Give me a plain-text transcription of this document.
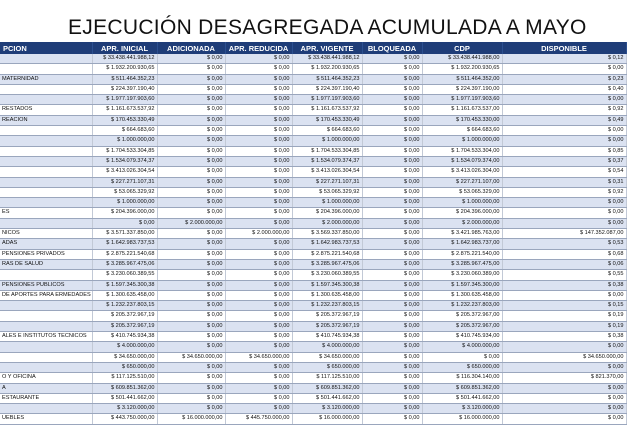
EJECUCIÓN DESAGREGADA ACUMULADA A MAYO
PCION	APR. INICIAL	ADICIONADA	APR. REDUCIDA	APR. VIGENTE	BLOQUEADA	CDP	DISPONIBLE
	$ 33.438.441.988,12	$ 0,00	$ 0,00	$ 33.438.441.988,12	$ 0,00	$ 33.438.441.988,00	$ 0,12
	$ 1.932.200.930,65	$ 0,00	$ 0,00	$ 1.932.200.930,65	$ 0,00	$ 1.932.200.930,65	$ 0,00
MATERNIDAD	$ 511.464.352,23	$ 0,00	$ 0,00	$ 511.464.352,23	$ 0,00	$ 511.464.352,00	$ 0,23
	$ 224.397.190,40	$ 0,00	$ 0,00	$ 224.397.190,40	$ 0,00	$ 224.397.190,00	$ 0,40
	$ 1.977.197.903,60	$ 0,00	$ 0,00	$ 1.977.197.903,60	$ 0,00	$ 1.977.197.903,60	$ 0,00
RESTADOS	$ 1.161.673.537,92	$ 0,00	$ 0,00	$ 1.161.673.537,92	$ 0,00	$ 1.161.673.537,00	$ 0,92
REACION	$ 170.453.330,49	$ 0,00	$ 0,00	$ 170.453.330,49	$ 0,00	$ 170.453.330,00	$ 0,49
	$ 664.683,60	$ 0,00	$ 0,00	$ 664.683,60	$ 0,00	$ 664.683,60	$ 0,00
	$ 1.000.000,00	$ 0,00	$ 0,00	$ 1.000.000,00	$ 0,00	$ 1.000.000,00	$ 0,00
	$ 1.704.533.304,85	$ 0,00	$ 0,00	$ 1.704.533.304,85	$ 0,00	$ 1.704.533.304,00	$ 0,85
	$ 1.534.079.374,37	$ 0,00	$ 0,00	$ 1.534.079.374,37	$ 0,00	$ 1.534.079.374,00	$ 0,37
	$ 3.413.026.304,54	$ 0,00	$ 0,00	$ 3.413.026.304,54	$ 0,00	$ 3.413.026.304,00	$ 0,54
	$ 227.271.107,31	$ 0,00	$ 0,00	$ 227.271.107,31	$ 0,00	$ 227.271.107,00	$ 0,31
	$ 53.065.329,92	$ 0,00	$ 0,00	$ 53.065.329,92	$ 0,00	$ 53.065.329,00	$ 0,92
	$ 1.000.000,00	$ 0,00	$ 0,00	$ 1.000.000,00	$ 0,00	$ 1.000.000,00	$ 0,00
ES	$ 204.396.000,00	$ 0,00	$ 0,00	$ 204.396.000,00	$ 0,00	$ 204.396.000,00	$ 0,00
	$ 0,00	$ 2.000.000,00	$ 0,00	$ 2.000.000,00	$ 0,00	$ 2.000.000,00	$ 0,00
NICOS	$ 3.571.337.850,00	$ 0,00	$ 2.000.000,00	$ 3.569.337.850,00	$ 0,00	$ 3.421.985.763,00	$ 147.352.087,00
ADAS	$ 1.642.983.737,53	$ 0,00	$ 0,00	$ 1.642.983.737,53	$ 0,00	$ 1.642.983.737,00	$ 0,53
PENSIONES PRIVADOS	$ 2.875.221.540,68	$ 0,00	$ 0,00	$ 2.875.221.540,68	$ 0,00	$ 2.875.221.540,00	$ 0,68
RAS DE SALUD	$ 3.285.967.475,06	$ 0,00	$ 0,00	$ 3.285.967.475,06	$ 0,00	$ 3.285.967.475,00	$ 0,06
	$ 3.230.060.389,55	$ 0,00	$ 0,00	$ 3.230.060.389,55	$ 0,00	$ 3.230.060.389,00	$ 0,55
PENSIONES PUBLICOS	$ 1.597.345.300,38	$ 0,00	$ 0,00	$ 1.597.345.300,38	$ 0,00	$ 1.597.345.300,00	$ 0,38
DE APORTES PARA ERMEDADES	$ 1.300.635.458,00	$ 0,00	$ 0,00	$ 1.300.635.458,00	$ 0,00	$ 1.300.635.458,00	$ 0,00
	$ 1.232.237.803,15	$ 0,00	$ 0,00	$ 1.232.237.803,15	$ 0,00	$ 1.232.237.803,00	$ 0,15
	$ 205.372.967,19	$ 0,00	$ 0,00	$ 205.372.967,19	$ 0,00	$ 205.372.967,00	$ 0,19
	$ 205.372.967,19	$ 0,00	$ 0,00	$ 205.372.967,19	$ 0,00	$ 205.372.967,00	$ 0,19
ALES E INSTITUTOS TECNICOS	$ 410.745.934,38	$ 0,00	$ 0,00	$ 410.745.934,38	$ 0,00	$ 410.745.934,00	$ 0,38
	$ 4.000.000,00	$ 0,00	$ 0,00	$ 4.000.000,00	$ 0,00	$ 4.000.000,00	$ 0,00
	$ 34.650.000,00	$ 34.650.000,00	$ 34.650.000,00	$ 34.650.000,00	$ 0,00	$ 0,00	$ 34.650.000,00
	$ 650.000,00	$ 0,00	$ 0,00	$ 650.000,00	$ 0,00	$ 650.000,00	$ 0,00
O Y OFICINA	$ 117.125.510,00	$ 0,00	$ 0,00	$ 117.125.510,00	$ 0,00	$ 116.304.140,00	$ 821.370,00
A	$ 609.851.362,00	$ 0,00	$ 0,00	$ 609.851.362,00	$ 0,00	$ 609.851.362,00	$ 0,00
ESTAURANTE	$ 501.441.662,00	$ 0,00	$ 0,00	$ 501.441.662,00	$ 0,00	$ 501.441.662,00	$ 0,00
	$ 3.120.000,00	$ 0,00	$ 0,00	$ 3.120.000,00	$ 0,00	$ 3.120.000,00	$ 0,00
UEBLES	$ 443.750.000,00	$ 16.000.000,00	$ 445.750.000,00	$ 16.000.000,00	$ 0,00	$ 16.000.000,00	$ 0,00
